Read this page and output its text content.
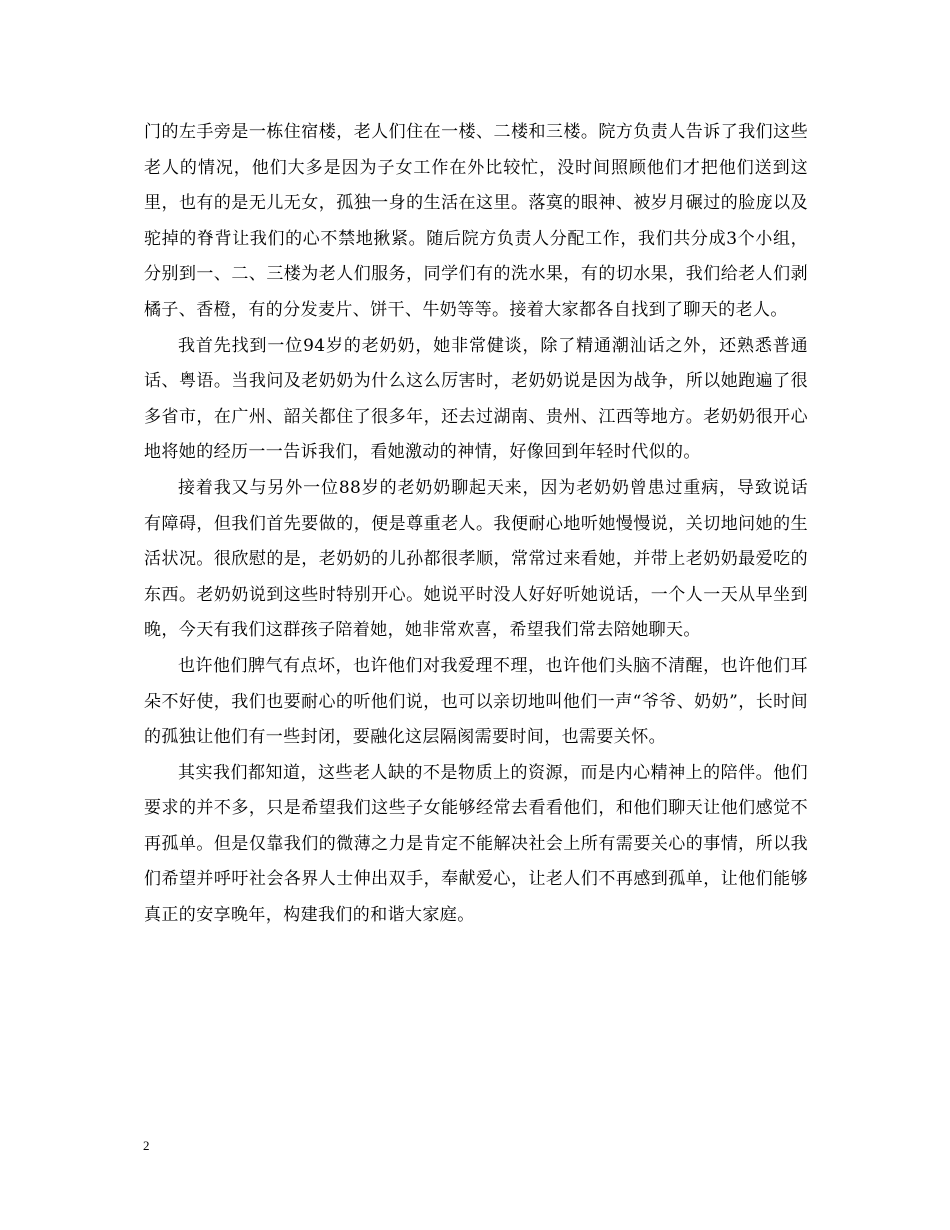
门的左手旁是一栋住宿楼，老人们住在一楼、二楼和三楼。院方负责人告诉了我们这些老人的情况，他们大多是因为子女工作在外比较忙，没时间照顾他们才把他们送到这里，也有的是无儿无女，孤独一身的生活在这里。落寞的眼神、被岁月碾过的脸庞以及驼掉的脊背让我们的心不禁地揪紧。随后院方负责人分配工作，我们共分成3个小组，分别到一、二、三楼为老人们服务，同学们有的洗水果，有的切水果，我们给老人们剥橘子、香橙，有的分发麦片、饼干、牛奶等等。接着大家都各自找到了聊天的老人。

我首先找到一位94岁的老奶奶，她非常健谈，除了精通潮汕话之外，还熟悉普通话、粤语。当我问及老奶奶为什么这么厉害时，老奶奶说是因为战争，所以她跑遍了很多省市，在广州、韶关都住了很多年，还去过湖南、贵州、江西等地方。老奶奶很开心地将她的经历一一告诉我们，看她激动的神情，好像回到年轻时代似的。

接着我又与另外一位88岁的老奶奶聊起天来，因为老奶奶曾患过重病，导致说话有障碍，但我们首先要做的，便是尊重老人。我便耐心地听她慢慢说，关切地问她的生活状况。很欣慰的是，老奶奶的儿孙都很孝顺，常常过来看她，并带上老奶奶最爱吃的东西。老奶奶说到这些时特别开心。她说平时没人好好听她说话，一个人一天从早坐到晚，今天有我们这群孩子陪着她，她非常欢喜，希望我们常去陪她聊天。

也许他们脾气有点坏，也许他们对我爱理不理，也许他们头脑不清醒，也许他们耳朵不好使，我们也要耐心的听他们说，也可以亲切地叫他们一声“爷爷、奶奶”，长时间的孤独让他们有一些封闭，要融化这层隔阂需要时间，也需要关怀。

其实我们都知道，这些老人缺的不是物质上的资源，而是内心精神上的陪伴。他们要求的并不多，只是希望我们这些子女能够经常去看看他们，和他们聊天让他们感觉不再孤单。但是仅靠我们的微薄之力是肯定不能解决社会上所有需要关心的事情，所以我们希望并呼吁社会各界人士伸出双手，奉献爱心，让老人们不再感到孤单，让他们能够真正的安享晚年，构建我们的和谐大家庭。

2
